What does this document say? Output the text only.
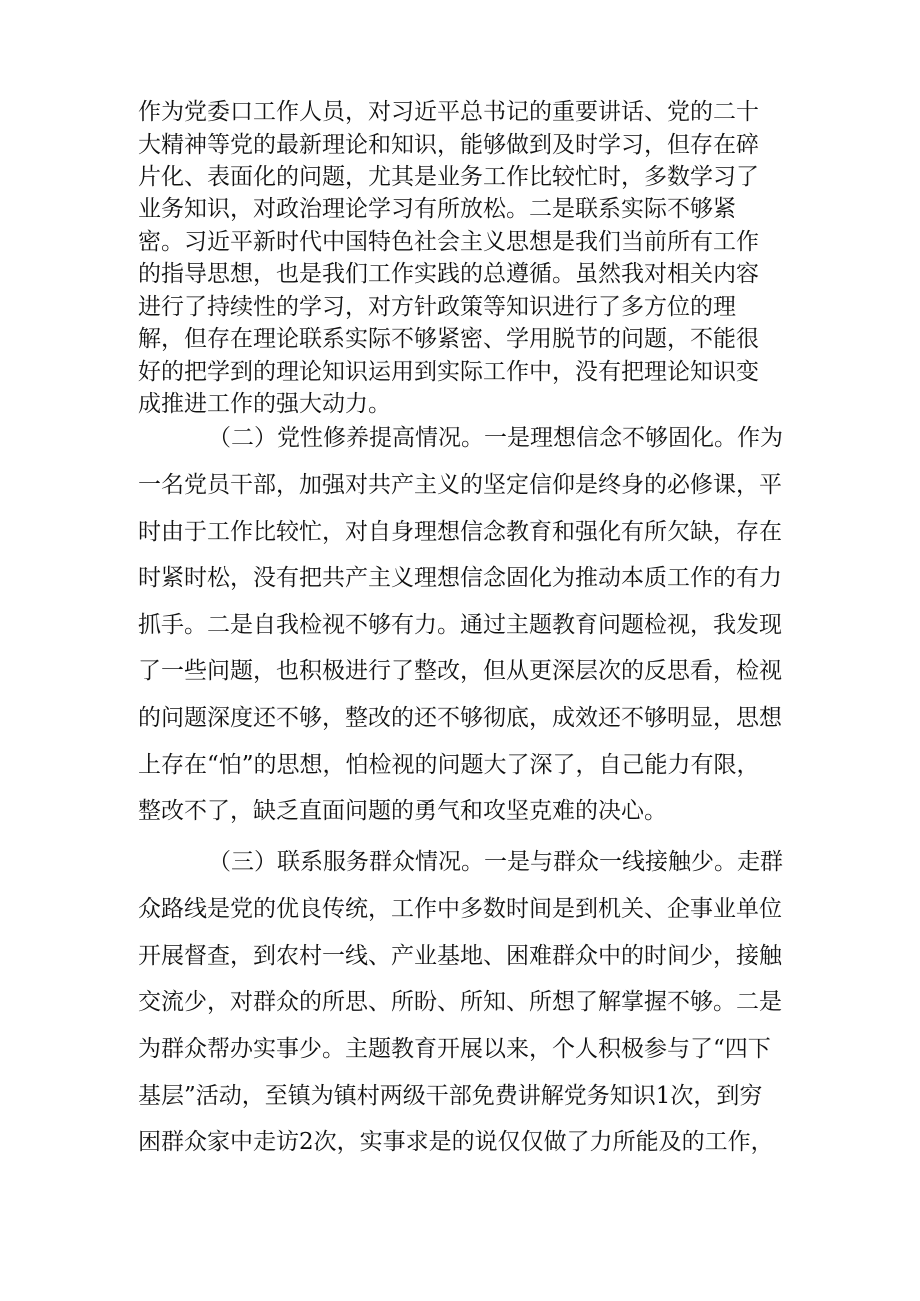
作为党委口工作人员，对习近平总书记的重要讲话、党的二十

大精神等党的最新理论和知识，能够做到及时学习，但存在碎

片化、表面化的问题，尤其是业务工作比较忙时，多数学习了

业务知识，对政治理论学习有所放松。二是联系实际不够紧

密。习近平新时代中国特色社会主义思想是我们当前所有工作

的指导思想，也是我们工作实践的总遵循。虽然我对相关内容

进行了持续性的学习，对方针政策等知识进行了多方位的理

解，但存在理论联系实际不够紧密、学用脱节的问题，不能很

好的把学到的理论知识运用到实际工作中，没有把理论知识变

成推进工作的强大动力。

（二）党性修养提高情况。一是理想信念不够固化。作为

一名党员干部，加强对共产主义的坚定信仰是终身的必修课，平

时由于工作比较忙，对自身理想信念教育和强化有所欠缺，存在

时紧时松，没有把共产主义理想信念固化为推动本质工作的有力

抓手。二是自我检视不够有力。通过主题教育问题检视，我发现

了一些问题，也积极进行了整改，但从更深层次的反思看，检视

的问题深度还不够，整改的还不够彻底，成效还不够明显，思想

上存在“怕”的思想，怕检视的问题大了深了，自己能力有限，

整改不了，缺乏直面问题的勇气和攻坚克难的决心。

（三）联系服务群众情况。一是与群众一线接触少。走群

众路线是党的优良传统，工作中多数时间是到机关、企事业单位

开展督查，到农村一线、产业基地、困难群众中的时间少，接触

交流少，对群众的所思、所盼、所知、所想了解掌握不够。二是

为群众帮办实事少。主题教育开展以来，个人积极参与了“四下

基层”活动，至镇为镇村两级干部免费讲解党务知识1次，到穷

困群众家中走访2次，实事求是的说仅仅做了力所能及的工作，
